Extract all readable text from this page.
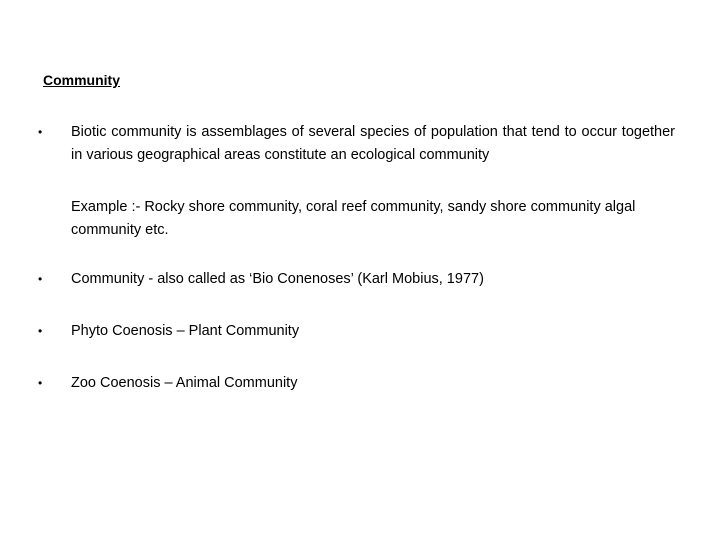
Community
•	Biotic community is assemblages of several species of population that tend to occur together in various geographical areas constitute an ecological community
Example :- Rocky shore community, coral reef community, sandy shore community algal community etc.
•	Community - also called as ‘Bio Conenoses’ (Karl Mobius, 1977)
•	Phyto Coenosis – Plant Community
•	Zoo Coenosis – Animal Community
